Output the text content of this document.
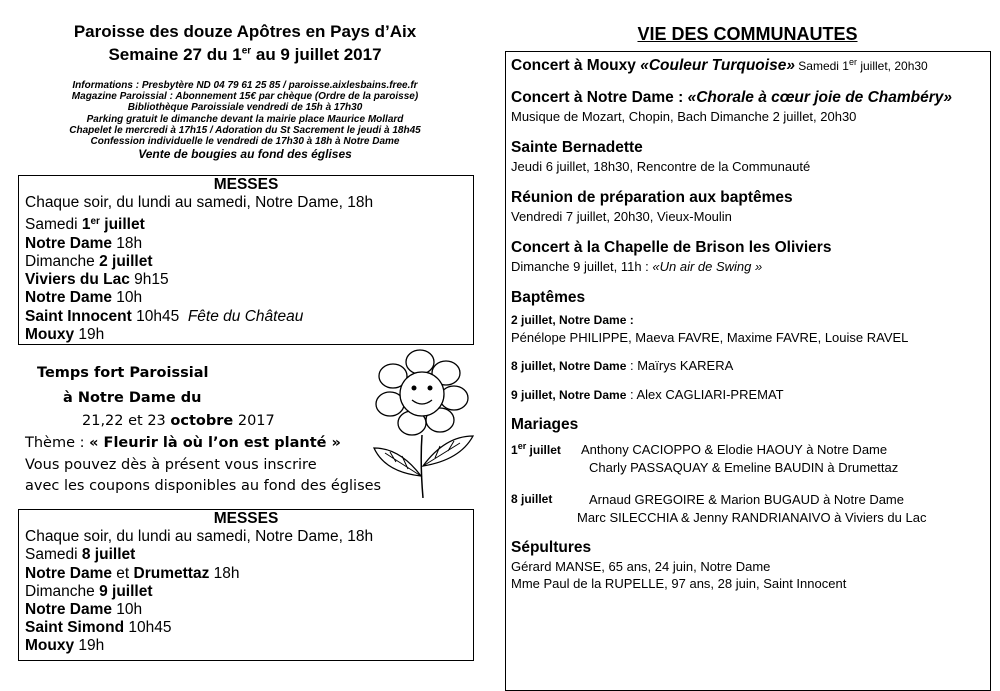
Paroisse des douze Apôtres en Pays d’Aix
Semaine 27 du 1er au 9 juillet 2017
Informations : Presbytère ND 04 79 61 25 85 / paroisse.aixlesbains.free.fr
Magazine Paroissial : Abonnement 15€ par chèque (Ordre de la paroisse)
Bibliothèque Paroissiale vendredi de 15h à 17h30
Parking gratuit le dimanche devant la mairie place Maurice Mollard
Chapelet le mercredi à 17h15 / Adoration du St Sacrement le jeudi à 18h45
Confession individuelle le vendredi de 17h30 à 18h à Notre Dame
Vente de bougies au fond des églises
MESSES
Chaque soir, du lundi au samedi, Notre Dame, 18h
Samedi 1er juillet
Notre Dame 18h
Dimanche 2 juillet
Viviers du Lac 9h15
Notre Dame 10h
Saint Innocent 10h45 Fête du Château
Mouxy 19h
Temps fort Paroissial
à Notre Dame du
21,22 et 23 octobre 2017
Thème : « Fleurir là où l’on est planté »
Vous pouvez dès à présent vous inscrire
avec les coupons disponibles au fond des églises
MESSES
Chaque soir, du lundi au samedi, Notre Dame, 18h
Samedi 8 juillet
Notre Dame et Drumettaz 18h
Dimanche 9 juillet
Notre Dame 10h
Saint Simond 10h45
Mouxy 19h
VIE DES COMMUNAUTES
Concert à Mouxy «Couleur Turquoise» Samedi 1er juillet, 20h30
Concert à Notre Dame : «Chorale à cœur joie de Chambéry»
Musique de Mozart, Chopin, Bach Dimanche 2 juillet, 20h30
Sainte Bernadette
Jeudi 6 juillet, 18h30, Rencontre de la Communauté
Réunion de préparation aux baptêmes
Vendredi 7 juillet, 20h30, Vieux-Moulin
Concert à la Chapelle de Brison les Oliviers
Dimanche 9 juillet, 11h : «Un air de Swing »
Baptêmes
2 juillet, Notre Dame :
Pénélope PHILIPPE, Maeva FAVRE, Maxime FAVRE, Louise RAVEL
8 juillet, Notre Dame : Maïrys KARERA
9 juillet, Notre Dame : Alex CAGLIARI-PREMAT
Mariages
1er juillet Anthony CACIOPPO & Elodie HAOUY à Notre Dame
Charly PASSAQUAY & Emeline BAUDIN à Drumettaz
8 juillet	Arnaud GREGOIRE & Marion BUGAUD à Notre Dame
Marc SILECCHIA & Jenny RANDRIANAIVO à Viviers du Lac
Sépultures
Gérard MANSE, 65 ans, 24 juin, Notre Dame
Mme Paul de la RUPELLE, 97 ans, 28 juin, Saint Innocent
